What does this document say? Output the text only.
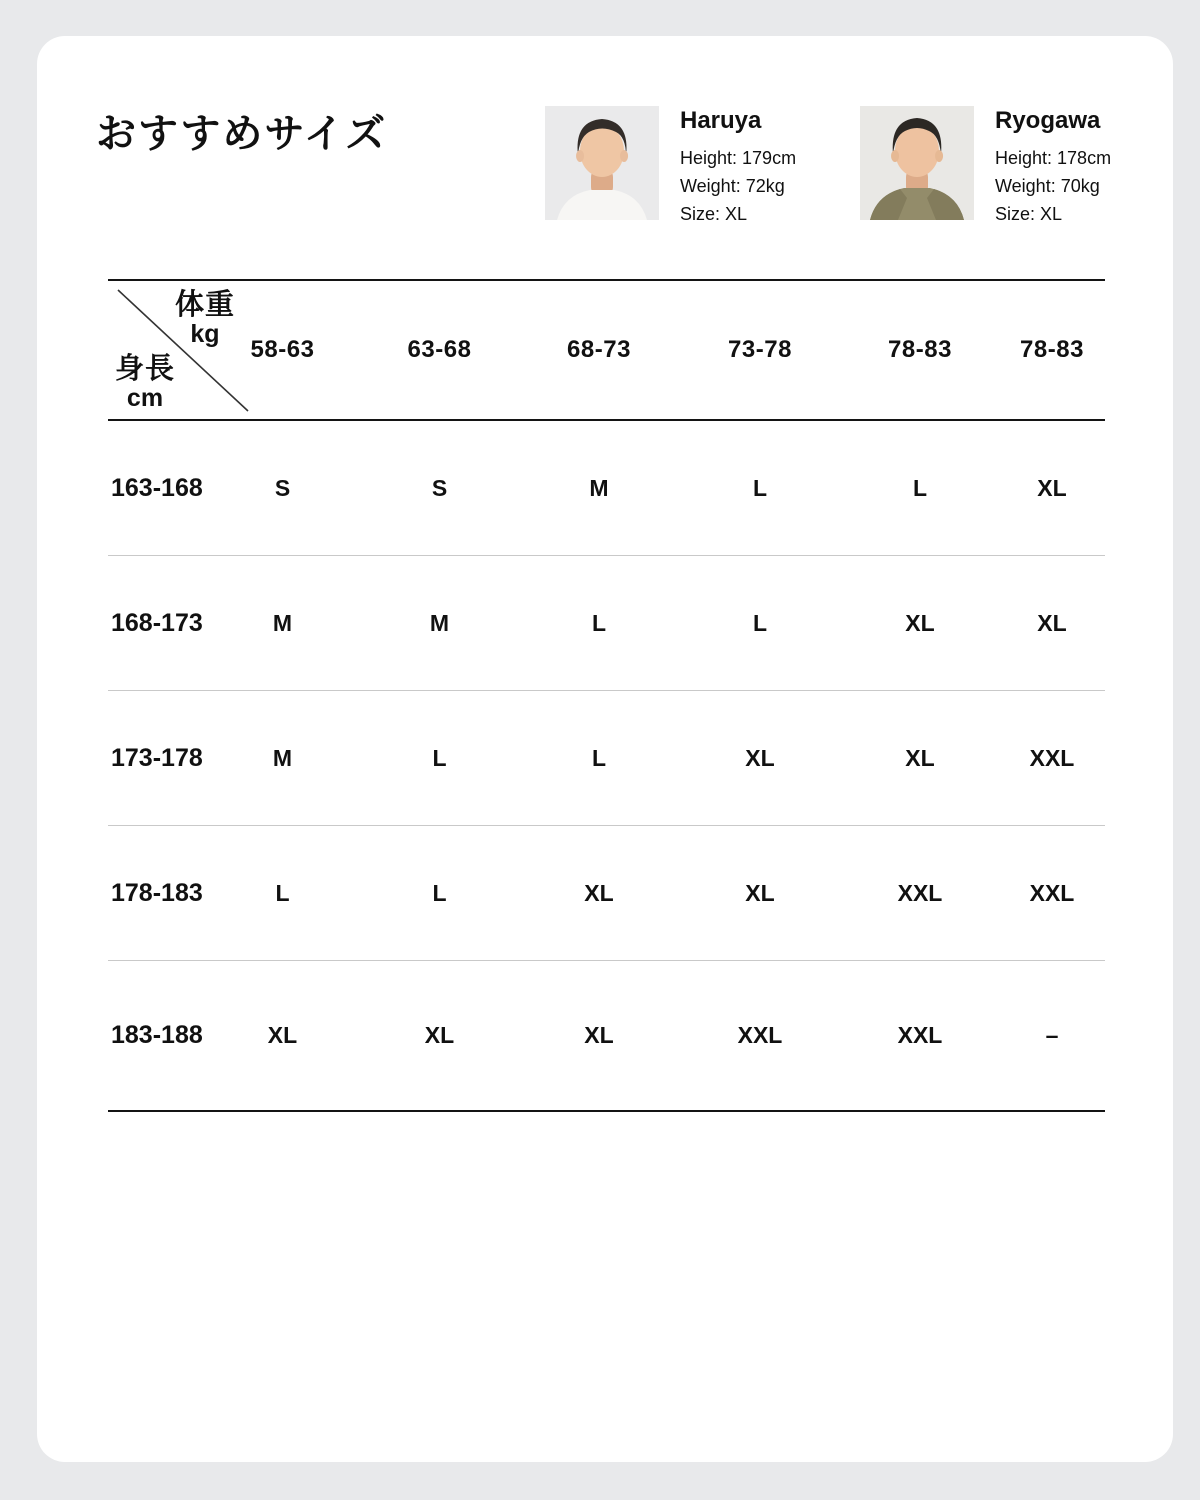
おすすめサイズ	Haruya
Height: 179cm
Weight: 72kg
Size: XL
Ryogawa
Height: 178cm
Weight: 70kg
Size: XL
58-63	63-68	68-73	73-78	78-83	78-83
体重
kg
身長
cm
163-168	S	S	M	L	L	XL
168-173	M	M	L	L	XL	XL
173-178	M	L	L	XL	XL	XXL
178-183	L	L	XL	XL	XXL	XXL
183-188	XL	XL	XL	XXL	XXL	–
